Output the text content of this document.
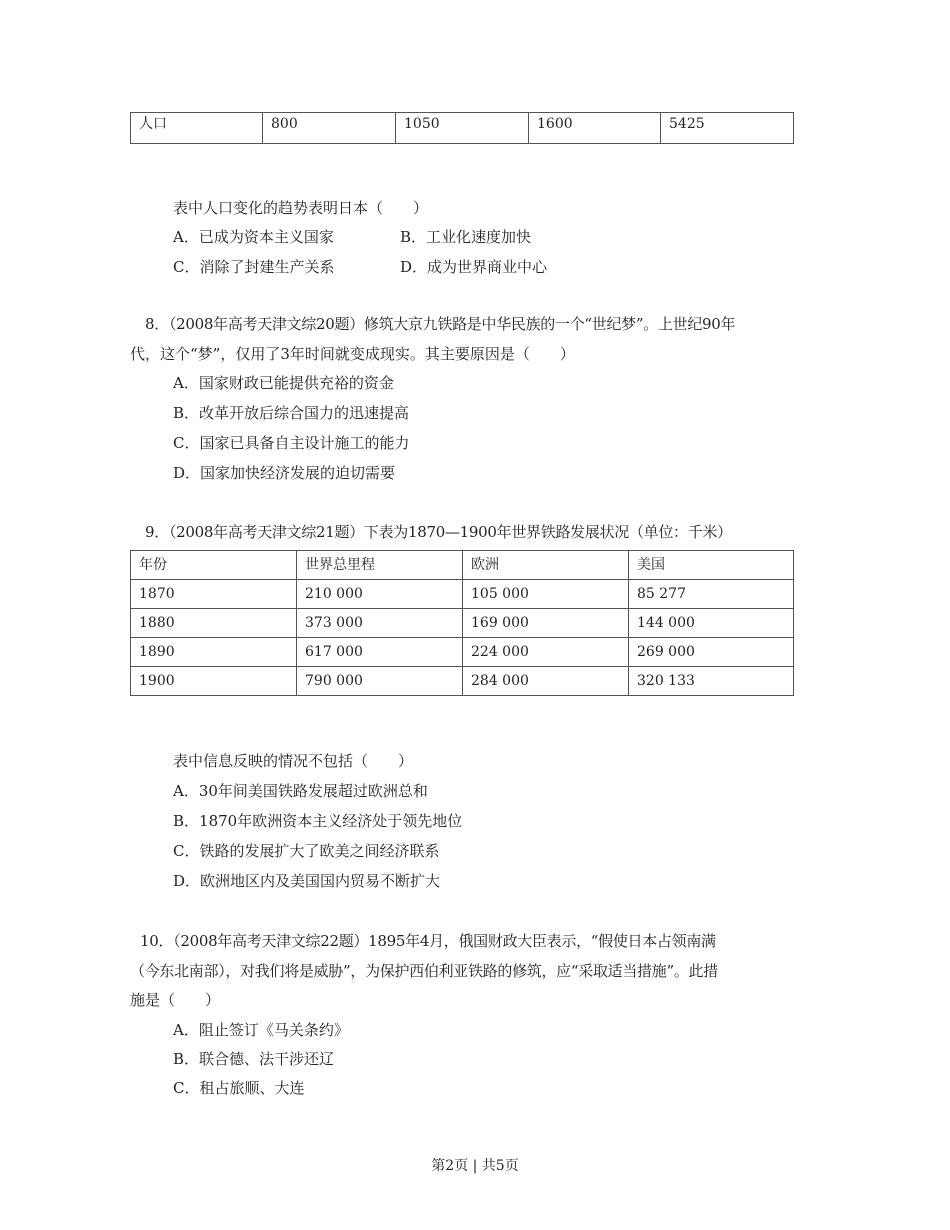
人口	800	1050	1600	5425
表中人口变化的趋势表明日本（　　）
A．已成为资本主义国家	B．工业化速度加快
C．消除了封建生产关系	D．成为世界商业中心
8．（2008年高考天津文综20题）修筑大京九铁路是中华民族的一个“世纪梦”。上世纪90年
代，这个“梦”，仅用了3年时间就变成现实。其主要原因是（　　）
A．国家财政已能提供充裕的资金
B．改革开放后综合国力的迅速提高
C．国家已具备自主设计施工的能力
D．国家加快经济发展的迫切需要
9．（2008年高考天津文综21题）下表为1870—1900年世界铁路发展状况（单位：千米）
年份	世界总里程	欧洲	美国
1870	210 000	105 000	85 277
1880	373 000	169 000	144 000
1890	617 000	224 000	269 000
1900	790 000	284 000	320 133
表中信息反映的情况不包括（　　）
A．30年间美国铁路发展超过欧洲总和
B．1870年欧洲资本主义经济处于领先地位
C．铁路的发展扩大了欧美之间经济联系
D．欧洲地区内及美国国内贸易不断扩大
10．（2008年高考天津文综22题）1895年4月，俄国财政大臣表示，“假使日本占领南满
（今东北南部），对我们将是威胁”，为保护西伯利亚铁路的修筑，应“采取适当措施”。此措
施是（　　）
A．阻止签订《马关条约》
B．联合德、法干涉还辽
C．租占旅顺、大连
第2页 | 共5页
